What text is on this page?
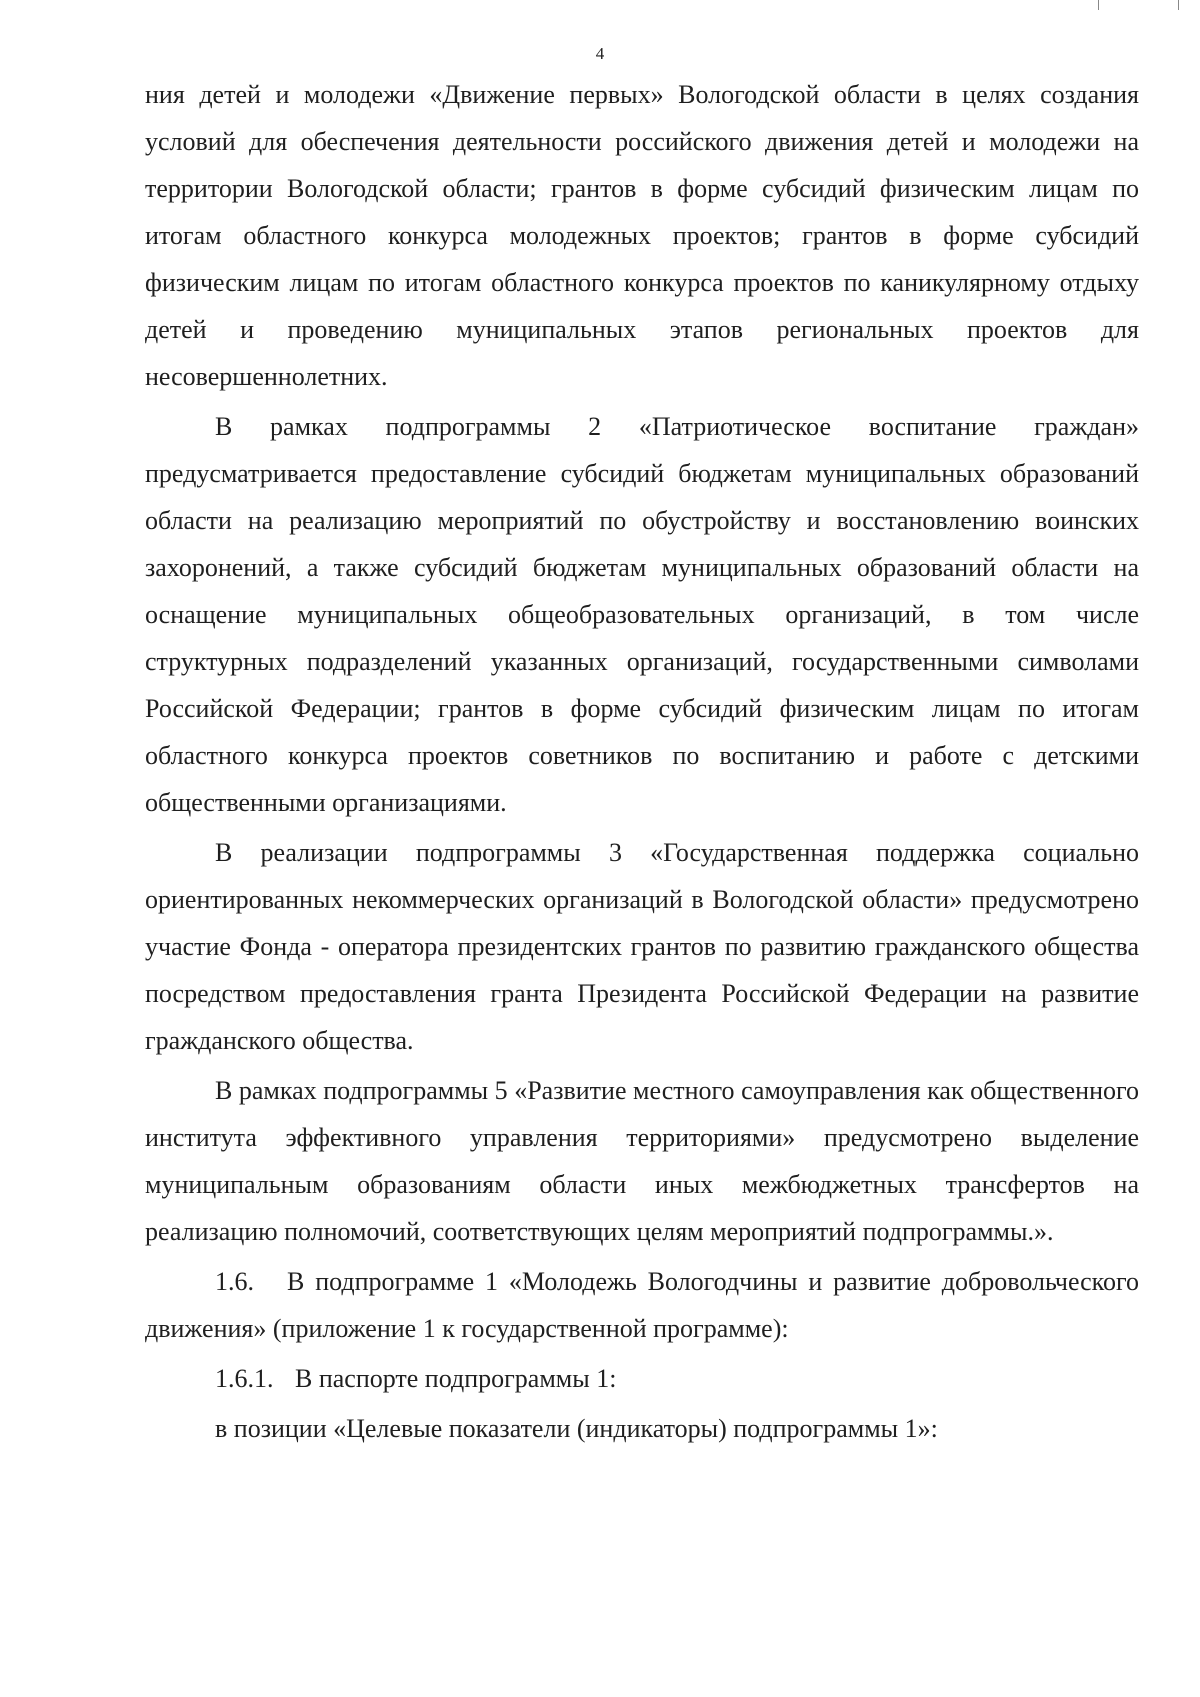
4

ния детей и молодежи «Движение первых» Вологодской области в целях создания условий для обеспечения деятельности российского движения детей и молодежи на территории Вологодской области; грантов в форме субсидий физическим лицам по итогам областного конкурса молодежных проектов; грантов в форме субсидий физическим лицам по итогам областного конкурса проектов по каникулярному отдыху детей и проведению муниципальных этапов региональных проектов для несовершеннолетних.

В рамках подпрограммы 2 «Патриотическое воспитание граждан» предусматривается предоставление субсидий бюджетам муниципальных образований области на реализацию мероприятий по обустройству и восстановлению воинских захоронений, а также субсидий бюджетам муниципальных образований области на оснащение муниципальных общеобразовательных организаций, в том числе структурных подразделений указанных организаций, государственными символами Российской Федерации; грантов в форме субсидий физическим лицам по итогам областного конкурса проектов советников по воспитанию и работе с детскими общественными организациями.

В реализации подпрограммы 3 «Государственная поддержка социально ориентированных некоммерческих организаций в Вологодской области» предусмотрено участие Фонда - оператора президентских грантов по развитию гражданского общества посредством предоставления гранта Президента Российской Федерации на развитие гражданского общества.

В рамках подпрограммы 5 «Развитие местного самоуправления как общественного института эффективного управления территориями» предусмотрено выделение муниципальным образованиям области иных межбюджетных трансфертов на реализацию полномочий, соответствующих целям мероприятий подпрограммы.».

1.6. В подпрограмме 1 «Молодежь Вологодчины и развитие добровольческого движения» (приложение 1 к государственной программе):

1.6.1. В паспорте подпрограммы 1:

в позиции «Целевые показатели (индикаторы) подпрограммы 1»:
